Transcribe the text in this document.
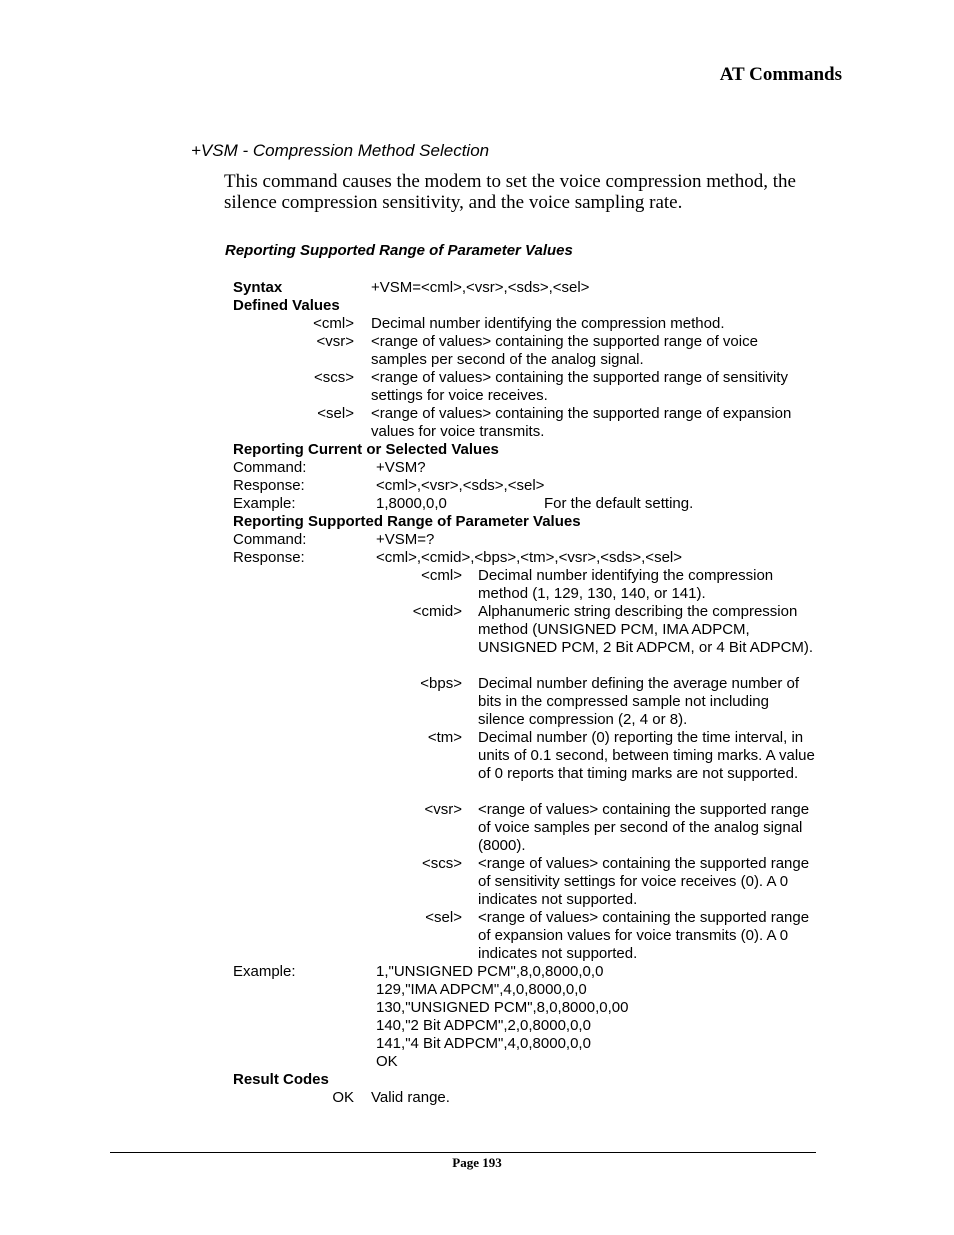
AT Commands
+VSM - Compression Method Selection
This command causes the modem to set the voice compression method, the silence compression sensitivity, and the voice sampling rate.
Reporting Supported Range of Parameter Values
Syntax	+VSM=<cml>,<vsr>,<sds>,<sel>
Defined Values
<cml> Decimal number identifying the compression method.
<vsr> <range of values> containing the supported range of voice samples per second of the analog signal.
<scs> <range of values> containing the supported range of sensitivity settings for voice receives.
<sel> <range of values> containing the supported range of expansion values for voice transmits.
Reporting Current or Selected Values
Command:	+VSM?
Response:	<cml>,<vsr>,<sds>,<sel>
Example:	1,8000,0,0	For the default setting.
Reporting Supported Range of Parameter Values
Command:	+VSM=?
Response:	<cml>,<cmid>,<bps>,<tm>,<vsr>,<sds>,<sel>
<cml> Decimal number identifying the compression method (1, 129, 130, 140, or 141).
<cmid> Alphanumeric string describing the compression method (UNSIGNED PCM, IMA ADPCM, UNSIGNED PCM, 2 Bit ADPCM, or 4 Bit ADPCM).
<bps> Decimal number defining the average number of bits in the compressed sample not including silence compression (2, 4 or 8).
<tm> Decimal number (0) reporting the time interval, in units of 0.1 second, between timing marks. A value of 0 reports that timing marks are not supported.
<vsr> <range of values> containing the supported range of voice samples per second of the analog signal (8000).
<scs> <range of values> containing the supported range of sensitivity settings for voice receives (0). A 0 indicates not supported.
<sel> <range of values> containing the supported range of expansion values for voice transmits (0). A 0 indicates not supported.
Example:	1,"UNSIGNED PCM",8,0,8000,0,0
129,"IMA ADPCM",4,0,8000,0,0
130,"UNSIGNED PCM",8,0,8000,0,00
140,"2 Bit ADPCM",2,0,8000,0,0
141,"4 Bit ADPCM",4,0,8000,0,0
OK
Result Codes
OK Valid range.
Page 193
